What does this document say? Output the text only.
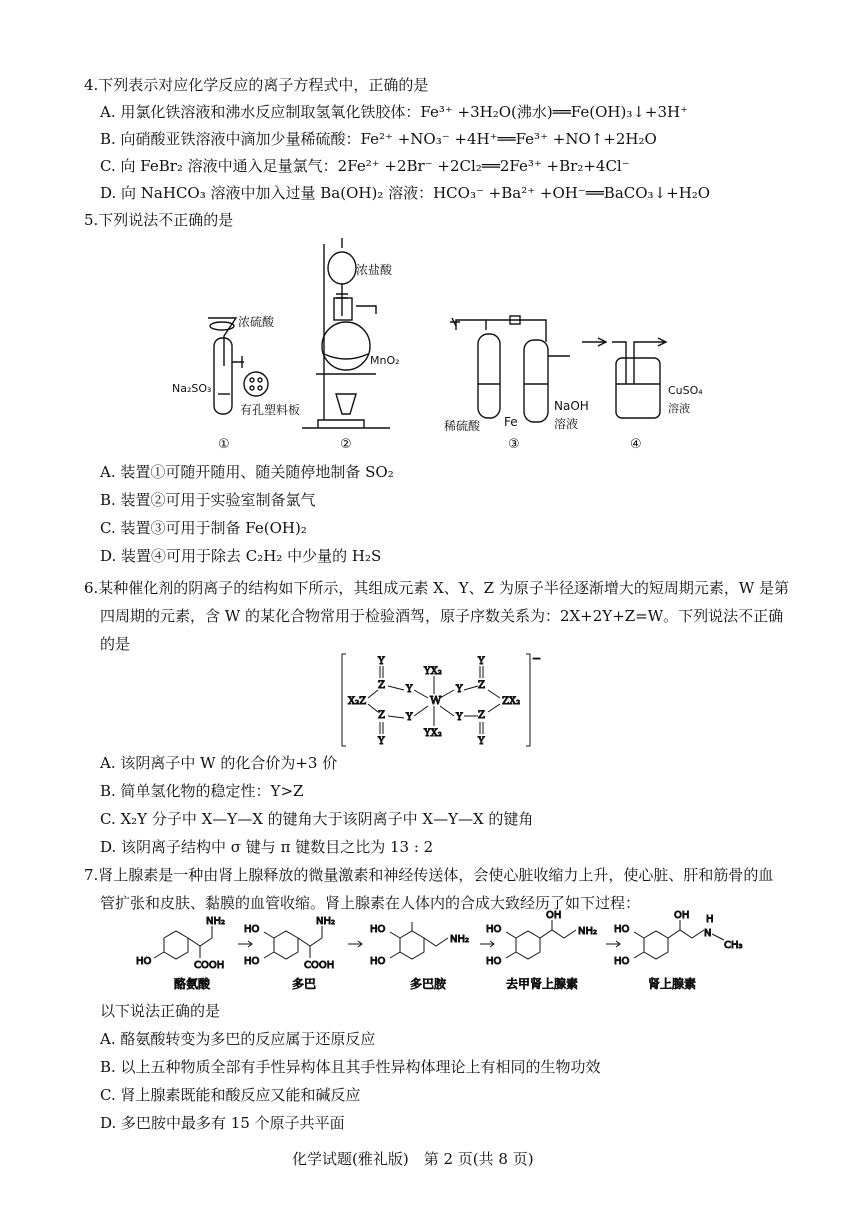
4.下列表示对应化学反应的离子方程式中，正确的是
A. 用氯化铁溶液和沸水反应制取氢氧化铁胶体：Fe³⁺ +3H₂O(沸水)══Fe(OH)₃↓+3H⁺
B. 向硝酸亚铁溶液中滴加少量稀硫酸：Fe²⁺ +NO₃⁻ +4H⁺══Fe³⁺ +NO↑+2H₂O
C. 向 FeBr₂ 溶液中通入足量氯气：2Fe²⁺ +2Br⁻ +2Cl₂══2Fe³⁺ +Br₂+4Cl⁻
D. 向 NaHCO₃ 溶液中加入过量 Ba(OH)₂ 溶液：HCO₃⁻ +Ba²⁺ +OH⁻══BaCO₃↓+H₂O
5.下列说法不正确的是
浓硫酸
Na₂SO₃
有孔塑料板
①
浓盐酸
MnO₂
②
稀硫酸 Fe
NaOH
溶液
③
CuSO₄
溶液
④
A. 装置①可随开随用、随关随停地制备 SO₂
B. 装置②可用于实验室制备氯气
C. 装置③可用于制备 Fe(OH)₂
D. 装置④可用于除去 C₂H₂ 中少量的 H₂S
6.某种催化剂的阴离子的结构如下所示，其组成元素 X、Y、Z 为原子半径逐渐增大的短周期元素，W 是第
四周期的元素，含 W 的某化合物常用于检验酒驾，原子序数关系为：2X+2Y+Z=W。下列说法不正确
的是
−
Y
Z
Z
Y
X₂Z
Y
Y
W
YX₂
YX₂
Y
Y
Y
Z
Z
Y
ZX₂
A. 该阴离子中 W 的化合价为+3 价
B. 简单氢化物的稳定性：Y>Z
C. X₂Y 分子中 X—Y—X 的键角大于该阴离子中 X—Y—X 的键角
D. 该阴离子结构中 σ 键与 π 键数目之比为 13 : 2
7.肾上腺素是一种由肾上腺释放的微量激素和神经传送体，会使心脏收缩力上升，使心脏、肝和筋骨的血
管扩张和皮肤、黏膜的血管收缩。肾上腺素在人体内的合成大致经历了如下过程：
HO
NH₂
COOH
HO
HO
NH₂
COOH
HO
HO
NH₂
HO
HO
OH
NH₂ HO
HO
OH H
N
CH₃
酪氨酸	多巴	多巴胺	去甲肾上腺素	肾上腺素
以下说法正确的是
A. 酪氨酸转变为多巴的反应属于还原反应
B. 以上五种物质全部有手性异构体且其手性异构体理论上有相同的生物功效
C. 肾上腺素既能和酸反应又能和碱反应
D. 多巴胺中最多有 15 个原子共平面
化学试题(雅礼版)　第 2 页(共 8 页)
